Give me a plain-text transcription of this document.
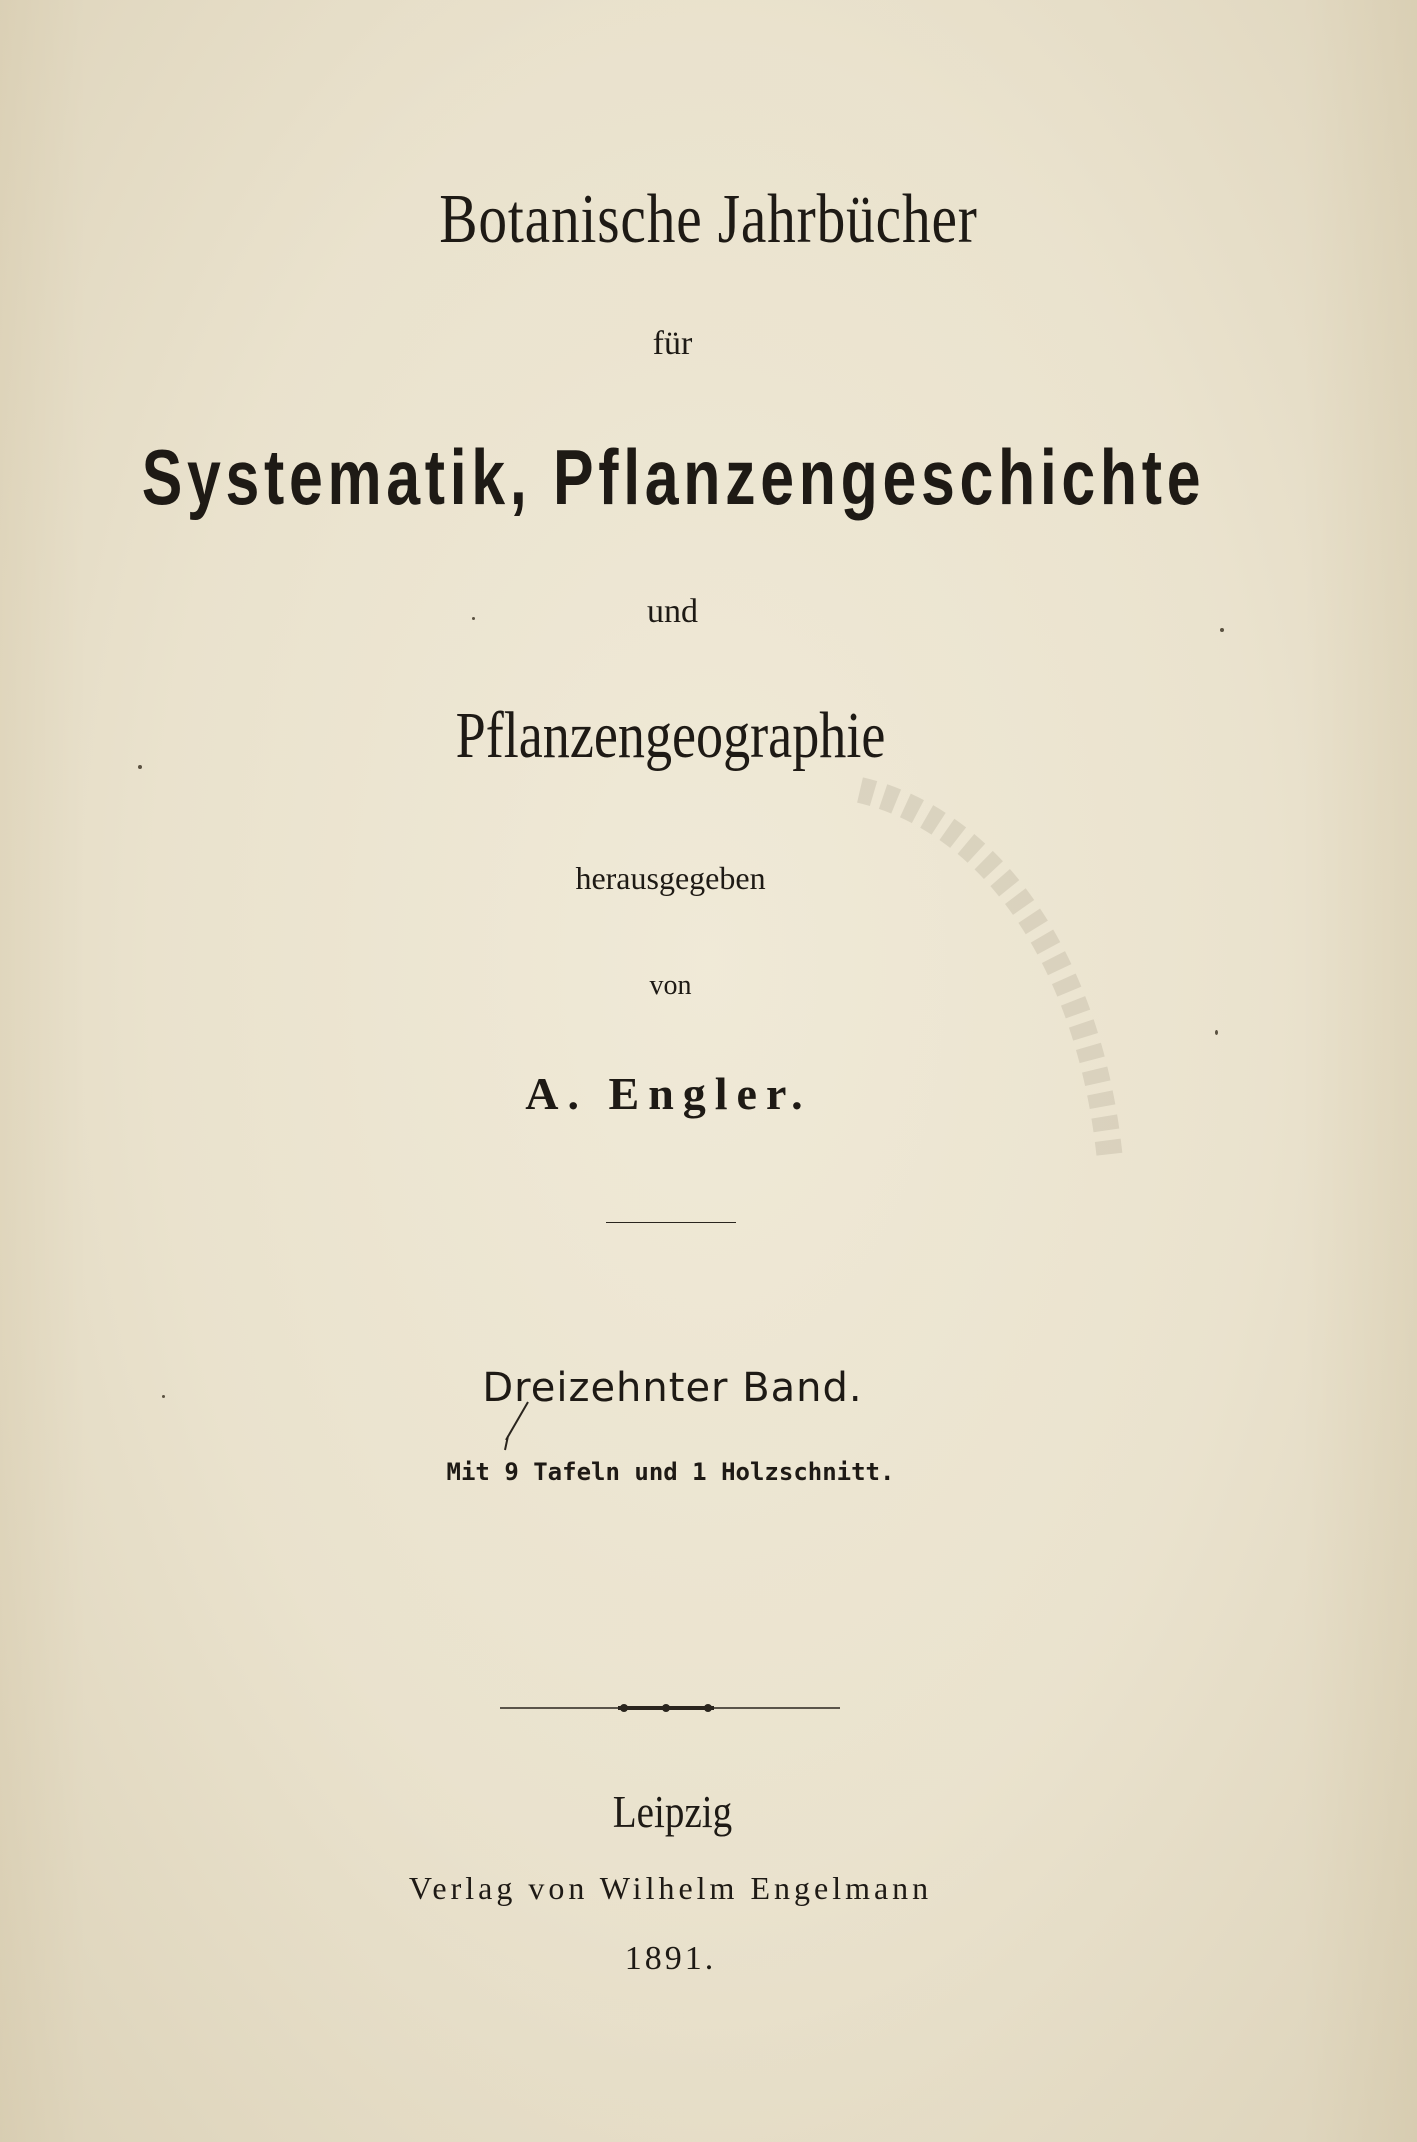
Botanische Jahrbücher
für
Systematik, Pflanzengeschichte
und
Pflanzengeographie
herausgegeben
von
A. Engler.
Dreizehnter Band.
Mit 9 Tafeln und 1 Holzschnitt.
Leipzig
Verlag von Wilhelm Engelmann
1891.
